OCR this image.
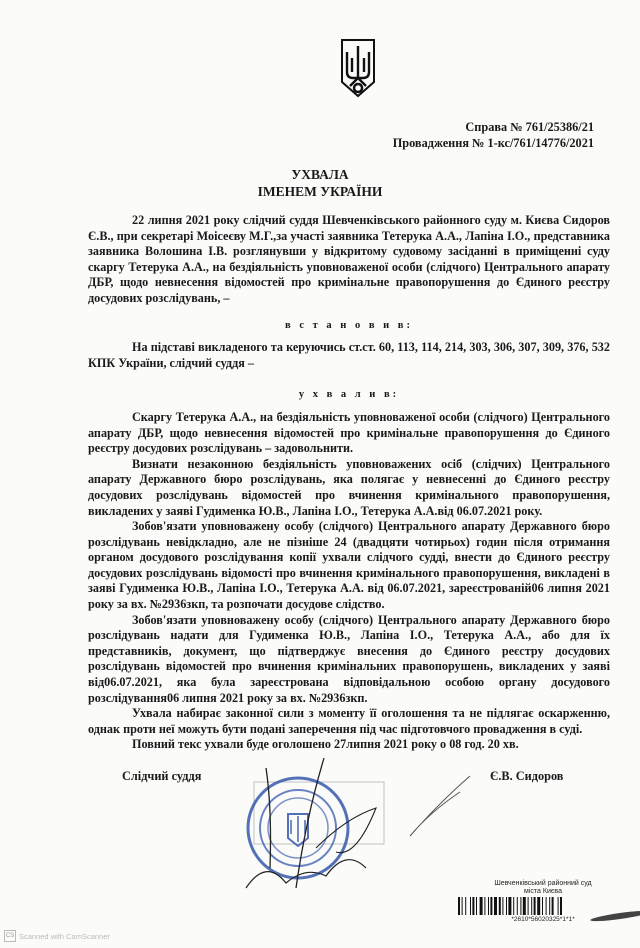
Справа № 761/25386/21
Провадження № 1-кс/761/14776/2021
УХВАЛА
ІМЕНЕМ УКРАЇНИ

22 липня 2021 року слідчий суддя Шевченківського районного суду м. Києва Сидоров Є.В., при секретарі Моісеєву М.Г.,за участі заявника Тетерука А.А., Лапіна І.О., представника заявника Волошина І.В. розглянувши у відкритому судовому засіданні в приміщенні суду скаргу Тетерука А.А., на бездіяльність уповноваженої особи (слідчого) Центрального апарату ДБР, щодо невнесення відомостей про кримінальне правопорушення до Єдиного реєстру досудових розслідувань, –

в с т а н о в и в:

На підставі викладеного та керуючись ст.ст. 60, 113, 114, 214, 303, 306, 307, 309, 376, 532 КПК України, слідчий суддя –

у х в а л и в:

Скаргу Тетерука А.А., на бездіяльність уповноваженої особи (слідчого) Центрального апарату ДБР, щодо невнесення відомостей про кримінальне правопорушення до Єдиного реєстру досудових розслідувань – задовольнити.

Визнати незаконною бездіяльність уповноважених осіб (слідчих) Центрального апарату Державного бюро розслідувань, яка полягає у невнесенні до Єдиного реєстру досудових розслідувань відомостей про вчинення кримінального правопорушення, викладених у заяві Гудименка Ю.В., Лапіна І.О., Тетерука А.А.від 06.07.2021 року.

Зобов'язати уповноважену особу (слідчого) Центрального апарату Державного бюро розслідувань невідкладно, але не пізніше 24 (двадцяти чотирьох) годин після отримання органом досудового розслідування копії ухвали слідчого судді, внести до Єдиного реєстру досудових розслідувань відомості про вчинення кримінального правопорушення, викладені в заяві Гудименка Ю.В., Лапіна І.О., Тетерука А.А. від 06.07.2021, зареєстрованій06 липня 2021 року за вх. №2936зкп, та розпочати досудове слідство.

Зобов'язати уповноважену особу (слідчого) Центрального апарату Державного бюро розслідувань надати для Гудименка Ю.В., Лапіна І.О., Тетерука А.А., або для їх представників, документ, що підтверджує внесення до Єдиного реєстру досудових розслідувань відомостей про вчинення кримінальних правопорушень, викладених у заяві від06.07.2021, яка була зареєстрована відповідальною особою органу досудового розслідування06 липня 2021 року за вх. №2936зкп.

Ухвала набирає законної сили з моменту її оголошення та не підлягає оскарженню, однак проти неї можуть бути подані заперечення під час підготовчого провадження в суді.

Повний текс ухвали буде оголошено 27липня 2021 року о 08 год. 20 хв.

Слідчий суддя	Є.В. Сидоров
Шевченківський районний суд
міста Києва
*2610*56020325*1*1*
CS Scanned with CamScanner
